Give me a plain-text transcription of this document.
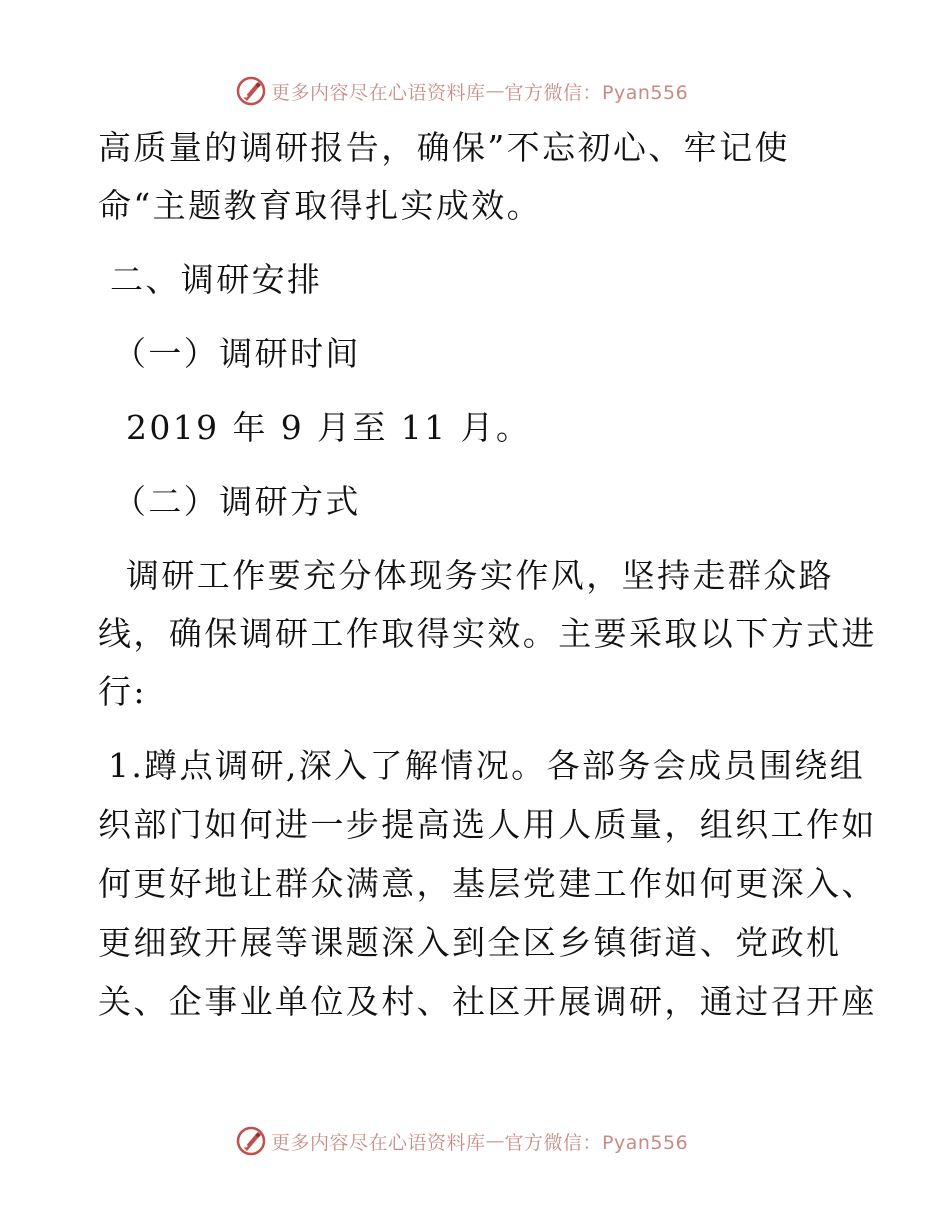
更多内容尽在心语资料库 — 官方微信：Pyan556
高质量的调研报告，确保”不忘初心、牢记使
命“主题教育取得扎实成效。
二、调研安排
（一）调研时间
2019 年 9 月至 11 月。
（二）调研方式
调研工作要充分体现务实作风，坚持走群众路
线，确保调研工作取得实效。主要采取以下方式进
行:
1.蹲点调研,深入了解情况。各部务会成员围绕组
织部门如何进一步提高选人用人质量，组织工作如
何更好地让群众满意，基层党建工作如何更深入、
更细致开展等课题深入到全区乡镇街道、党政机
关、企事业单位及村、社区开展调研，通过召开座
更多内容尽在心语资料库 — 官方微信：Pyan556
